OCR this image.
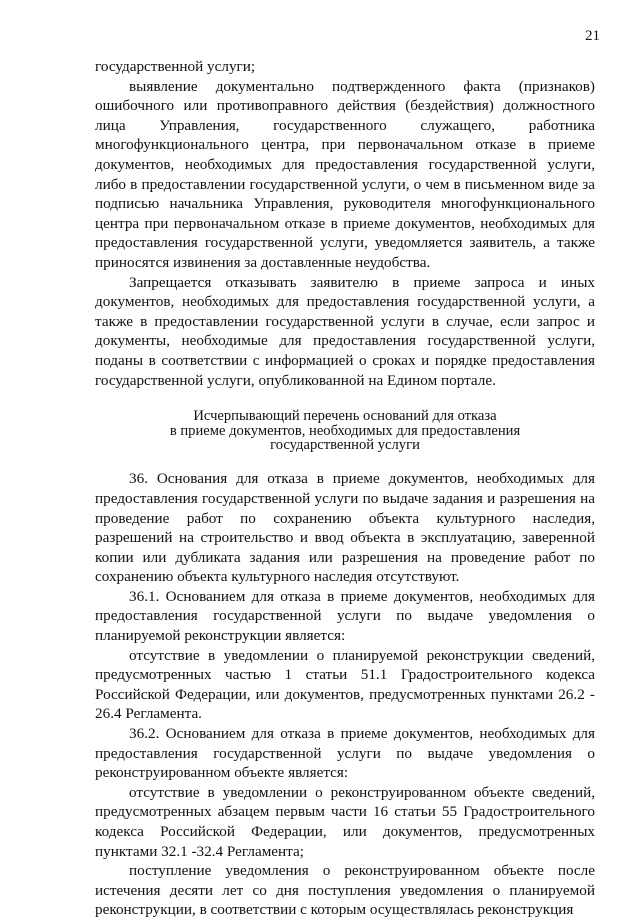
21

государственной услуги;

выявление документально подтвержденного факта (признаков) ошибочного или противоправного действия (бездействия) должностного лица Управления, государственного служащего, работника многофункционального центра, при первоначальном отказе в приеме документов, необходимых для предоставления государственной услуги, либо в предоставлении государственной услуги, о чем в письменном виде за подписью начальника Управления, руководителя многофункционального центра при первоначальном отказе в приеме документов, необходимых для предоставления государственной услуги, уведомляется заявитель, а также приносятся извинения за доставленные неудобства.

Запрещается отказывать заявителю в приеме запроса и иных документов, необходимых для предоставления государственной услуги, а также в предоставлении государственной услуги в случае, если запрос и документы, необходимые для предоставления государственной услуги, поданы в соответствии с информацией о сроках и порядке предоставления государственной услуги, опубликованной на Едином портале.

Исчерпывающий перечень оснований для отказа
в приеме документов, необходимых для предоставления
государственной услуги

36. Основания для отказа в приеме документов, необходимых для предоставления государственной услуги по выдаче задания и разрешения на проведение работ по сохранению объекта культурного наследия, разрешений на строительство и ввод объекта в эксплуатацию, заверенной копии или дубликата задания или разрешения на проведение работ по сохранению объекта культурного наследия отсутствуют.

36.1. Основанием для отказа в приеме документов, необходимых для предоставления государственной услуги по выдаче уведомления о планируемой реконструкции является:

отсутствие в уведомлении о планируемой реконструкции сведений, предусмотренных частью 1 статьи 51.1 Градостроительного кодекса Российской Федерации, или документов, предусмотренных пунктами 26.2 - 26.4 Регламента.

36.2. Основанием для отказа в приеме документов, необходимых для предоставления государственной услуги по выдаче уведомления о реконструированном объекте является:

отсутствие в уведомлении о реконструированном объекте сведений, предусмотренных абзацем первым части 16 статьи 55 Градостроительного кодекса Российской Федерации, или документов, предусмотренных пунктами 32.1 -32.4 Регламента;

поступление уведомления о реконструированном объекте после истечения десяти лет со дня поступления уведомления о планируемой реконструкции, в соответствии с которым осуществлялась реконструкция
